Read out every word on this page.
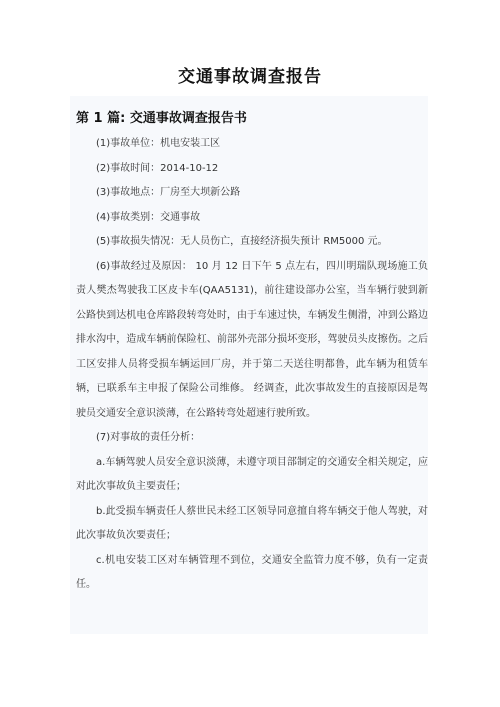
交通事故调查报告
第 1 篇: 交通事故调查报告书

(1)事故单位：机电安装工区

(2)事故时间：2014-10-12

(3)事故地点：厂房至大坝新公路

(4)事故类别：交通事故

(5)事故损失情况：无人员伤亡，直接经济损失预计 RM5000 元。

(6)事故经过及原因： 10 月 12 日下午 5 点左右，四川明瑞队现场施工负责人樊杰驾驶我工区皮卡车(QAA5131)，前往建设部办公室，当车辆行驶到新公路快到达机电仓库路段转弯处时，由于车速过快，车辆发生侧滑，冲到公路边排水沟中，造成车辆前保险杠、前部外壳部分损坏变形，驾驶员头皮擦伤。之后工区安排人员将受损车辆运回厂房，并于第二天送往明都鲁，此车辆为租赁车辆，已联系车主申报了保险公司维修。 经调查，此次事故发生的直接原因是驾驶员交通安全意识淡薄，在公路转弯处超速行驶所致。

(7)对事故的责任分析：

a.车辆驾驶人员安全意识淡薄，未遵守项目部制定的交通安全相关规定，应对此次事故负主要责任；

b.此受损车辆责任人蔡世民未经工区领导同意擅自将车辆交于他人驾驶，对此次事故负次要责任；

c.机电安装工区对车辆管理不到位，交通安全监管力度不够，负有一定责任。
